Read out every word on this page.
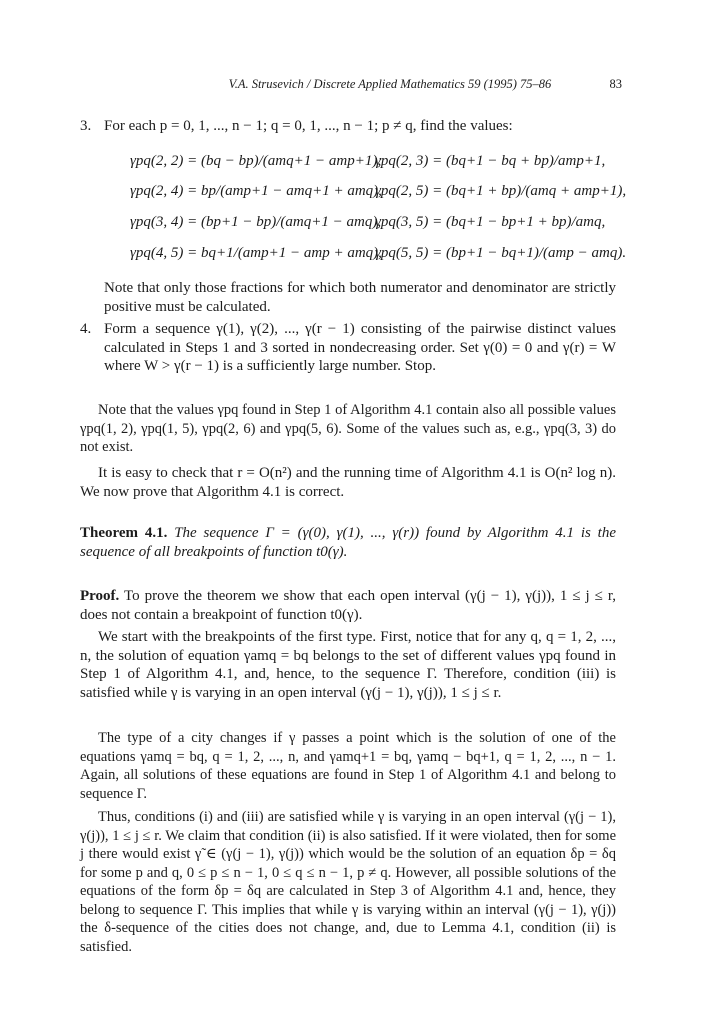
V.A. Strusevich / Discrete Applied Mathematics 59 (1995) 75–86	83
3. For each p = 0, 1, ..., n − 1; q = 0, 1, ..., n − 1; p ≠ q, find the values:
γpq(2, 2) = (bq − bp)/(amq+1 − amp+1);
γpq(2, 3) = (bq+1 − bq + bp)/amp+1,
γpq(2, 4) = bp/(amp+1 − amq+1 + amq),
γpq(2, 5) = (bq+1 + bp)/(amq + amp+1),
γpq(3, 4) = (bp+1 − bp)/(amq+1 − amq),
γpq(3, 5) = (bq+1 − bp+1 + bp)/amq,
γpq(4, 5) = bq+1/(amp+1 − amp + amq),
γpq(5, 5) = (bp+1 − bq+1)/(amp − amq).

Note that only those fractions for which both numerator and denominator are strictly positive must be calculated.

4. Form a sequence γ(1), γ(2), ..., γ(r − 1) consisting of the pairwise distinct values calculated in Steps 1 and 3 sorted in nondecreasing order. Set γ(0) = 0 and γ(r) = W where W > γ(r − 1) is a sufficiently large number. Stop.

Note that the values γpq found in Step 1 of Algorithm 4.1 contain also all possible values γpq(1, 2), γpq(1, 5), γpq(2, 6) and γpq(5, 6). Some of the values such as, e.g., γpq(3, 3) do not exist.

It is easy to check that r = O(n²) and the running time of Algorithm 4.1 is O(n² log n). We now prove that Algorithm 4.1 is correct.

Theorem 4.1. The sequence Γ = (γ(0), γ(1), ..., γ(r)) found by Algorithm 4.1 is the sequence of all breakpoints of function t0(γ).

Proof. To prove the theorem we show that each open interval (γ(j − 1), γ(j)), 1 ≤ j ≤ r, does not contain a breakpoint of function t0(γ).

We start with the breakpoints of the first type. First, notice that for any q, q = 1, 2, ..., n, the solution of equation γamq = bq belongs to the set of different values γpq found in Step 1 of Algorithm 4.1, and, hence, to the sequence Γ. Therefore, condition (iii) is satisfied while γ is varying in an open interval (γ(j − 1), γ(j)), 1 ≤ j ≤ r.

The type of a city changes if γ passes a point which is the solution of one of the equations γamq = bq, q = 1, 2, ..., n, and γamq+1 = bq, γamq − bq+1, q = 1, 2, ..., n − 1. Again, all solutions of these equations are found in Step 1 of Algorithm 4.1 and belong to sequence Γ.

Thus, conditions (i) and (iii) are satisfied while γ is varying in an open interval (γ(j − 1), γ(j)), 1 ≤ j ≤ r. We claim that condition (ii) is also satisfied. If it were violated, then for some j there would exist γ̃ ∈ (γ(j − 1), γ(j)) which would be the solution of an equation δp = δq for some p and q, 0 ≤ p ≤ n − 1, 0 ≤ q ≤ n − 1, p ≠ q. However, all possible solutions of the equations of the form δp = δq are calculated in Step 3 of Algorithm 4.1 and, hence, they belong to sequence Γ. This implies that while γ is varying within an interval (γ(j − 1), γ(j)) the δ-sequence of the cities does not change, and, due to Lemma 4.1, condition (ii) is satisfied.
